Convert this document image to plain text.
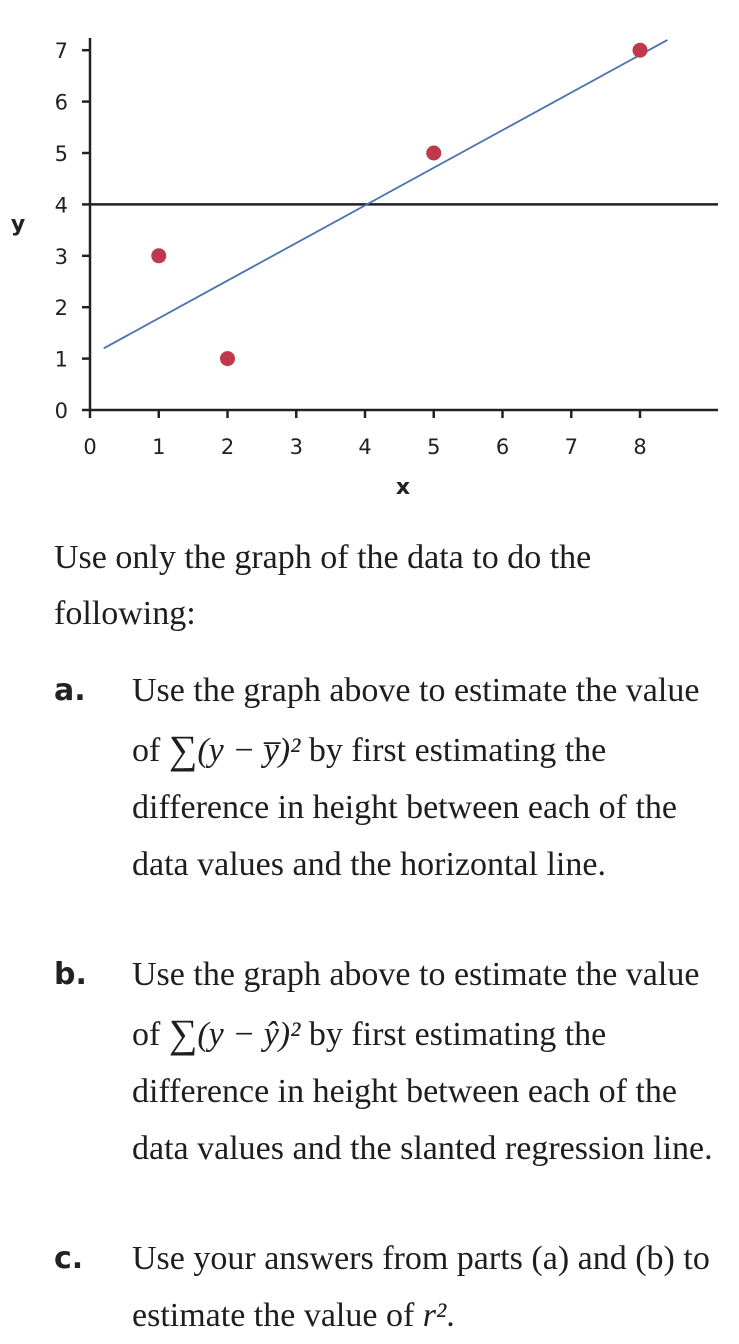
0
1
2
3
4
5
6
7
0	1	2	3	4	5	6	7	8
x
y
Use only the graph of the data to do the following:
a.	Use the graph above to estimate the value of ∑(y − y̅)² by first estimating the difference in height between each of the data values and the horizontal line.
b.	Use the graph above to estimate the value of ∑(y − ŷ)² by first estimating the difference in height between each of the data values and the slanted regression line.
c.	Use your answers from parts (a) and (b) to estimate the value of r².
